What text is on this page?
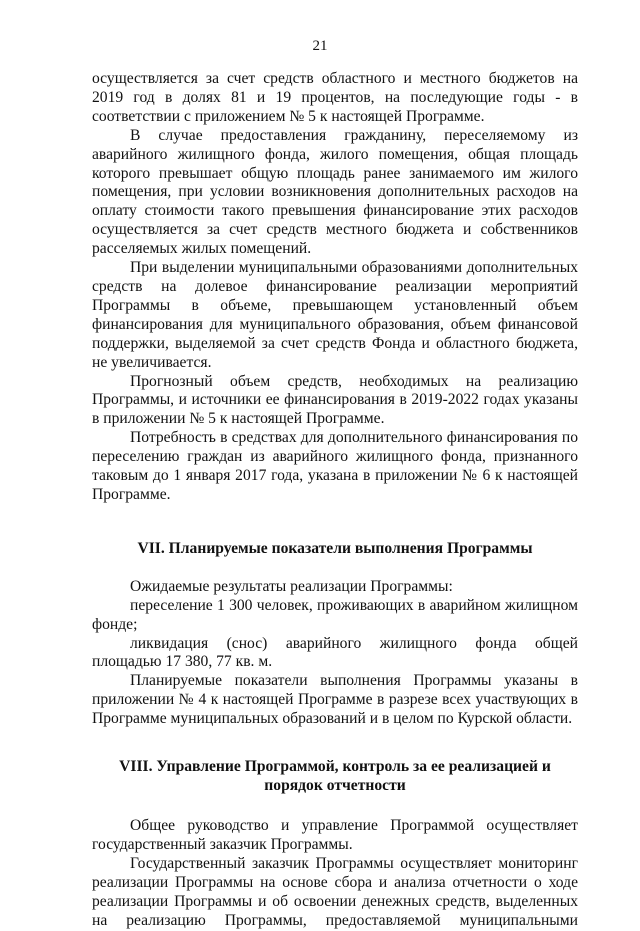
21

осуществляется за счет средств областного и местного бюджетов на 2019 год в долях 81 и 19 процентов, на последующие годы - в соответствии с приложением № 5 к настоящей Программе.

В случае предоставления гражданину, переселяемому из аварийного жилищного фонда, жилого помещения, общая площадь которого превышает общую площадь ранее занимаемого им жилого помещения, при условии возникновения дополнительных расходов на оплату стоимости такого превышения финансирование этих расходов осуществляется за счет средств местного бюджета и собственников расселяемых жилых помещений.

При выделении муниципальными образованиями дополнительных средств на долевое финансирование реализации мероприятий Программы в объеме, превышающем установленный объем финансирования для муниципального образования, объем финансовой поддержки, выделяемой за счет средств Фонда и областного бюджета, не увеличивается.

Прогнозный объем средств, необходимых на реализацию Программы, и источники ее финансирования в 2019-2022 годах указаны в приложении № 5 к настоящей Программе.

Потребность в средствах для дополнительного финансирования по переселению граждан из аварийного жилищного фонда, признанного таковым до 1 января 2017 года, указана в приложении № 6 к настоящей Программе.

VII. Планируемые показатели выполнения Программы

Ожидаемые результаты реализации Программы:

переселение 1 300 человек, проживающих в аварийном жилищном фонде;

ликвидация (снос) аварийного жилищного фонда общей площадью 17 380, 77 кв. м.

Планируемые показатели выполнения Программы указаны в приложении № 4 к настоящей Программе в разрезе всех участвующих в Программе муниципальных образований и в целом по Курской области.

VIII. Управление Программой, контроль за ее реализацией и
порядок отчетности

Общее руководство и управление Программой осуществляет государственный заказчик Программы.

Государственный заказчик Программы осуществляет мониторинг реализации Программы на основе сбора и анализа отчетности о ходе реализации Программы и об освоении денежных средств, выделенных на реализацию Программы, предоставляемой муниципальными
